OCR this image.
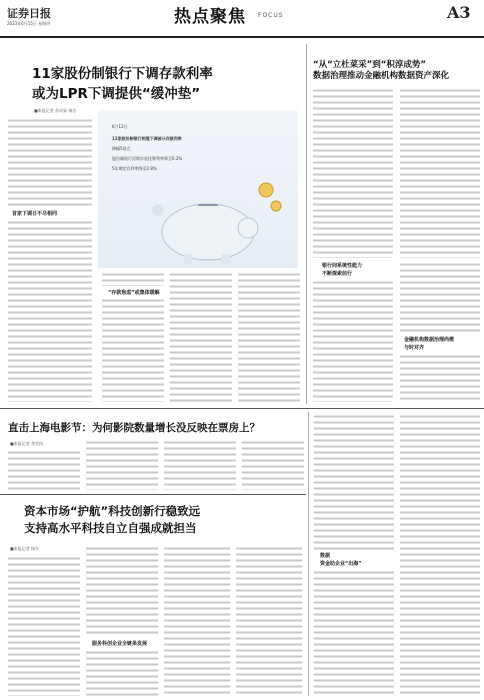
证券日报
2023年6月15日 星期四	热点聚焦 FOCUS	A3
11家股份制银行下调存款利率
或为LPR下调提供“缓冲垫”
■本报记者 苏向杲 杨洁
首家下调日不尽相同
6月12日
11家股份制银行相继下调部分存款利率
降幅5基点
股份制银行活期存款挂牌利率降至0.2%
5年期定存利率降至2.8%
“存款焦虑”或集体缓解
“从“立杜菜采”到“积淳成势”
数据治理推动金融机构数据资产深化
银行间系统性能力
不断探索前行
金融机构数据治理尚需
与时对齐
直击上海电影节：为何影院数量增长没反映在票房上？
■本报记者 李雪冉
资本市场“护航”科技创新行稳致远
支持高水平科技自立自强成就担当
■本报记者 杨东
服务科创企业全链条发展
数据
资金助企业“出海”
